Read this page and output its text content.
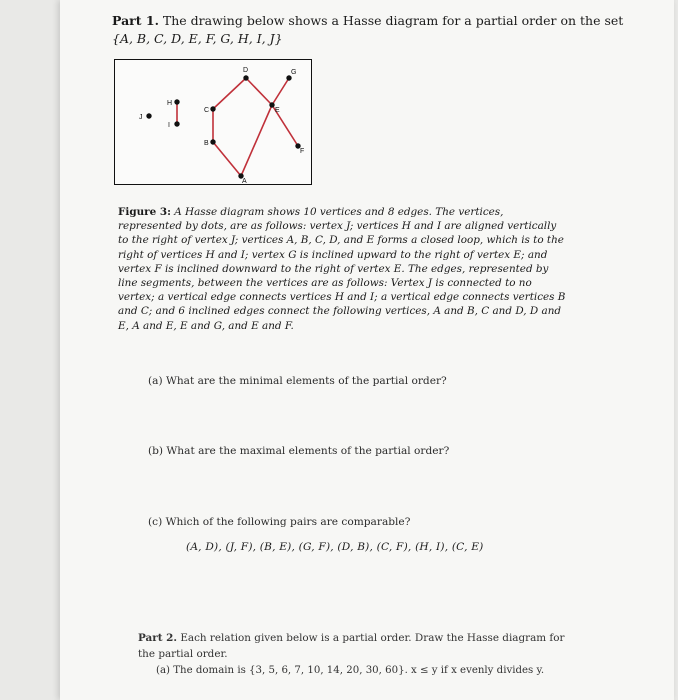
Part 1. The drawing below shows a Hasse diagram for a partial order on the set
{A, B, C, D, E, F, G, H, I, J}
J
H
I
C
B
A
D
E
G
F
Figure 3: A Hasse diagram shows 10 vertices and 8 edges. The vertices, represented by dots, are as follows: vertex J; vertices H and I are aligned vertically to the right of vertex J; vertices A, B, C, D, and E forms a closed loop, which is to the right of vertices H and I; vertex G is inclined upward to the right of vertex E; and vertex F is inclined downward to the right of vertex E. The edges, represented by line segments, between the vertices are as follows: Vertex J is connected to no vertex; a vertical edge connects vertices H and I; a vertical edge connects vertices B and C; and 6 inclined edges connect the following vertices, A and B, C and D, D and E, A and E, E and G, and E and F.
(a) What are the minimal elements of the partial order?
(b) What are the maximal elements of the partial order?
(c) Which of the following pairs are comparable?
(A, D), (J, F), (B, E), (G, F), (D, B), (C, F), (H, I), (C, E)
Part 2. Each relation given below is a partial order. Draw the Hasse diagram for
the partial order.
(a) The domain is {3, 5, 6, 7, 10, 14, 20, 30, 60}. x ≤ y if x evenly divides y.
